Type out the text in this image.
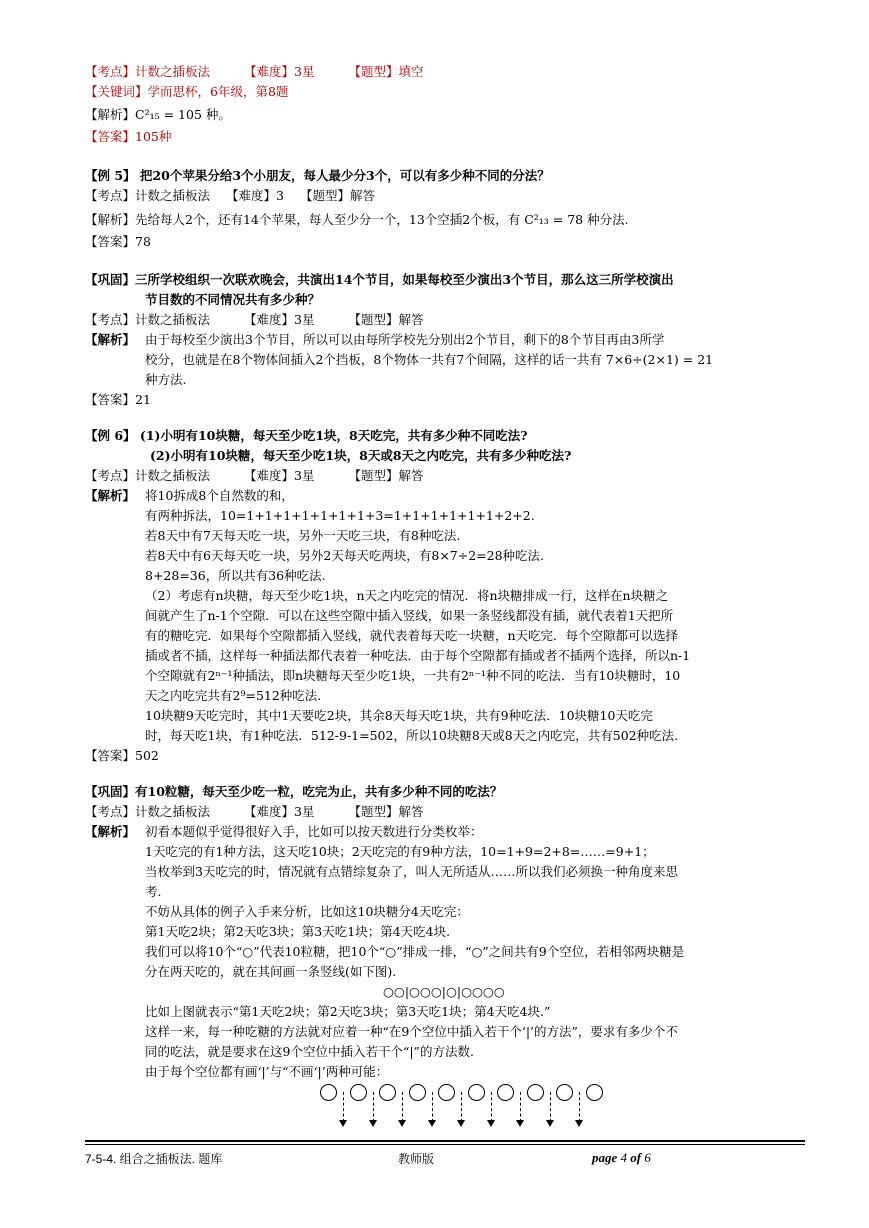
【考点】计数之插板法	【难度】3星	【题型】填空
【关键词】学而思杯，6年级，第8题
【解析】C²₁₅ = 105 种。
【答案】105种
【例 5】 把20个苹果分给3个小朋友，每人最少分3个，可以有多少种不同的分法？
【考点】计数之插板法 【难度】3 【题型】解答
【解析】先给每人2个，还有14个苹果，每人至少分一个，13个空插2个板，有 C²₁₃ = 78 种分法.
【答案】78
【巩固】三所学校组织一次联欢晚会，共演出14个节目，如果每校至少演出3个节目，那么这三所学校演出
节目数的不同情况共有多少种？
【考点】计数之插板法	【难度】3星	【题型】解答
【解析】 由于每校至少演出3个节目，所以可以由每所学校先分别出2个节目，剩下的8个节目再由3所学
校分，也就是在8个物体间插入2个挡板，8个物体一共有7个间隔，这样的话一共有 7×6÷(2×1) = 21
种方法.
【答案】21
【例 6】 (1)小明有10块糖，每天至少吃1块，8天吃完，共有多少种不同吃法?
(2)小明有10块糖，每天至少吃1块，8天或8天之内吃完，共有多少种吃法?
【考点】计数之插板法	【难度】3星	【题型】解答
【解析】 将10拆成8个自然数的和，
有两种拆法，10=1+1+1+1+1+1+1+3=1+1+1+1+1+1+2+2.
若8天中有7天每天吃一块，另外一天吃三块，有8种吃法.
若8天中有6天每天吃一块，另外2天每天吃两块，有8×7÷2=28种吃法.
8+28=36，所以共有36种吃法.
（2）考虑有n块糖，每天至少吃1块，n天之内吃完的情况．将n块糖排成一行，这样在n块糖之
间就产生了n-1个空隙．可以在这些空隙中插入竖线，如果一条竖线都没有插，就代表着1天把所
有的糖吃完．如果每个空隙都插入竖线，就代表着每天吃一块糖，n天吃完．每个空隙都可以选择
插或者不插，这样每一种插法都代表着一种吃法．由于每个空隙都有插或者不插两个选择，所以n-1
个空隙就有2ⁿ⁻¹种插法，即n块糖每天至少吃1块，一共有2ⁿ⁻¹种不同的吃法．当有10块糖时，10
天之内吃完共有2⁹=512种吃法.
10块糖9天吃完时，其中1天要吃2块，其余8天每天吃1块，共有9种吃法．10块糖10天吃完
时，每天吃1块，有1种吃法．512-9-1=502，所以10块糖8天或8天之内吃完，共有502种吃法.
【答案】502
【巩固】有10粒糖，每天至少吃一粒，吃完为止，共有多少种不同的吃法？
【考点】计数之插板法	【难度】3星	【题型】解答
【解析】 初看本题似乎觉得很好入手，比如可以按天数进行分类枚举：
1天吃完的有1种方法，这天吃10块；2天吃完的有9种方法，10=1+9=2+8=……=9+1；
当枚举到3天吃完的时，情况就有点错综复杂了，叫人无所适从……所以我们必须换一种角度来思
考.
不妨从具体的例子入手来分析，比如这10块糖分4天吃完：
第1天吃2块；第2天吃3块；第3天吃1块；第4天吃4块.
我们可以将10个“○”代表10粒糖，把10个“○”排成一排，“○”之间共有9个空位，若相邻两块糖是
分在两天吃的，就在其间画一条竖线(如下图).
○○|○○○|○|○○○○
比如上图就表示“第1天吃2块；第2天吃3块；第3天吃1块；第4天吃4块.”
这样一来，每一种吃糖的方法就对应着一种“在9个空位中插入若干个‘|’的方法”，要求有多少个不
同的吃法，就是要求在这9个空位中插入若干个“|”的方法数.
由于每个空位都有画‘|’与“不画‘|’两种可能：
7-5-4. 组合之插板法. 题库	教师版	page 4 of 6
